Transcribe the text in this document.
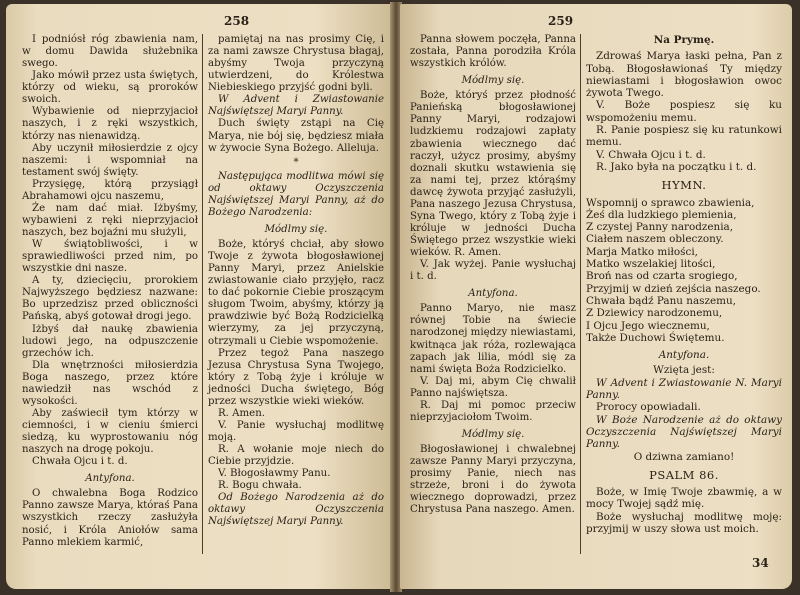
258

I podniósł róg zbawienia nam, w domu Dawida służebnika swego.

Jako mówił przez usta świętych, którzy od wieku, są proroków swoich.

Wybawienie od nieprzyjacioł naszych, i z ręki wszystkich, którzy nas nienawidzą.

Aby uczynił miłosierdzie z ojcy naszemi: i wspomniał na testament swój święty.

Przysięgę, którą przysiągł Abrahamowi ojcu naszemu,

Że nam dać miał. Iżbyśmy, wybawieni z ręki nieprzyjacioł naszych, bez bojaźni mu służyli,

W świątobliwości, i w sprawiedliwości przed nim, po wszystkie dni nasze.

A ty, dziecięciu, prorokiem Najwyższego będziesz nazwane: Bo uprzedzisz przed obliczności Pańską, abyś gotował drogi jego.

Iżbyś dał naukę zbawienia ludowi jego, na odpuszczenie grzechów ich.

Dla wnętrzności miłosierdzia Boga naszego, przez które nawiedził nas wschód z wysokości.

Aby zaświecił tym którzy w ciemności, i w cieniu śmierci siedzą, ku wyprostowaniu nóg naszych na drogę pokoju.

Chwała Ojcu i t. d.

Antyfona.

O chwalebna Boga Rodzico Panno zawsze Marya, któraś Pana wszystkich rzeczy zasłużyła nosić, i Króla Aniołów sama Panno mlekiem karmić,

pamiętaj na nas prosimy Cię, i za nami zawsze Chrystusa błagaj, abyśmy Twoja przyczyną utwierdzeni, do Królestwa Niebieskiego przyjść godni byli.

W Advent i Zwiastowanie Najświętszej Maryi Panny.

Duch święty zstąpi na Cię Marya, nie bój się, będziesz miała w żywocie Syna Bożego. Alleluja.

*

Następująca modlitwa mówi się od oktawy Oczyszczenia Najświętszej Maryi Panny, aż do Bożego Narodzenia:

Módlmy się.

Boże, któryś chciał, aby słowo Twoje z żywota błogosławionej Panny Maryi, przez Anielskie zwiastowanie ciało przyjęło, racz to dać pokornie Ciebie proszącym sługom Twoim, abyśmy, którzy ją prawdziwie być Bożą Rodzicielką wierzymy, za jej przyczyną, otrzymali u Ciebie wspomożenie.

Przez tegoż Pana naszego Jezusa Chrystusa Syna Twojego, który z Tobą żyje i króluje w jedności Ducha świętego, Bóg przez wszystkie wieki wieków.

R. Amen.

V. Panie wysłuchaj modlitwę moją.

R. A wołanie moje niech do Ciebie przyjdzie.

V. Błogosławmy Panu.

R. Bogu chwała.

Od Bożego Narodzenia aż do oktawy Oczyszczenia Najświętszej Maryi Panny.

259

Panna słowem poczęła, Panna została, Panna porodziła Króla wszystkich królów.

Módlmy się.

Boże, któryś przez płodność Panieńską błogosławionej Panny Maryi, rodzajowi ludzkiemu rodzajowi zapłaty zbawienia wiecznego dać raczył, użycz prosimy, abyśmy doznali skutku wstawienia się za nami tej, przez którąśmy dawcę żywota przyjąć zasłużyli, Pana naszego Jezusa Chrystusa, Syna Twego, który z Tobą żyje i króluje w jedności Ducha Świętego przez wszystkie wieki wieków. R. Amen.

V. Jak wyżej. Panie wysłuchaj i t. d.

Antyfona.

Panno Maryo, nie masz równej Tobie na świecie narodzonej między niewiastami, kwitnąca jak róża, rozlewająca zapach jak lilia, módl się za nami święta Boża Rodzicielko.

V. Daj mi, abym Cię chwalił Panno najświętsza.

R. Daj mi pomoc przeciw nieprzyjaciołom Twoim.

Módlmy się.

Błogosławionej i chwalebnej zawsze Panny Maryi przyczyna, prosimy Panie, niech nas strzeże, broni i do żywota wiecznego doprowadzi, przez Chrystusa Pana naszego. Amen.

Na Prymę.

Zdrowaś Marya łaski pełna, Pan z Tobą. Błogosławionaś Ty między niewiastami i błogosławion owoc żywota Twego.

V. Boże pospiesz się ku wspomożeniu memu.

R. Panie pospiesz się ku ratunkowi memu.

V. Chwała Ojcu i t. d.

R. Jako była na początku i t. d.

HYMN.

Wspomnij o sprawco zbawienia,

Żeś dla ludzkiego plemienia,

Z czystej Panny narodzenia,

Ciałem naszem obleczony.

Marja Matko miłości,

Matko wszelakiej litości,

Broń nas od czarta srogiego,

Przyjmij w dzień zejścia naszego.

Chwała bądź Panu naszemu,

Z Dziewicy narodzonemu,

I Ojcu Jego wiecznemu,

Także Duchowi Świętemu.

Antyfona.

Wzięta jest:

W Advent i Zwiastowanie N. Maryi Panny.

Prorocy opowiadali.

W Boże Narodzenie aż do oktawy Oczyszczenia Najświętszej Maryi Panny.

O dziwna zamiano!

PSALM 86.

Boże, w Imię Twoje zbawmię, a w mocy Twojej sądź mię.

Boże wysłuchaj modlitwę moję: przyjmij w uszy słowa ust moich.

34
